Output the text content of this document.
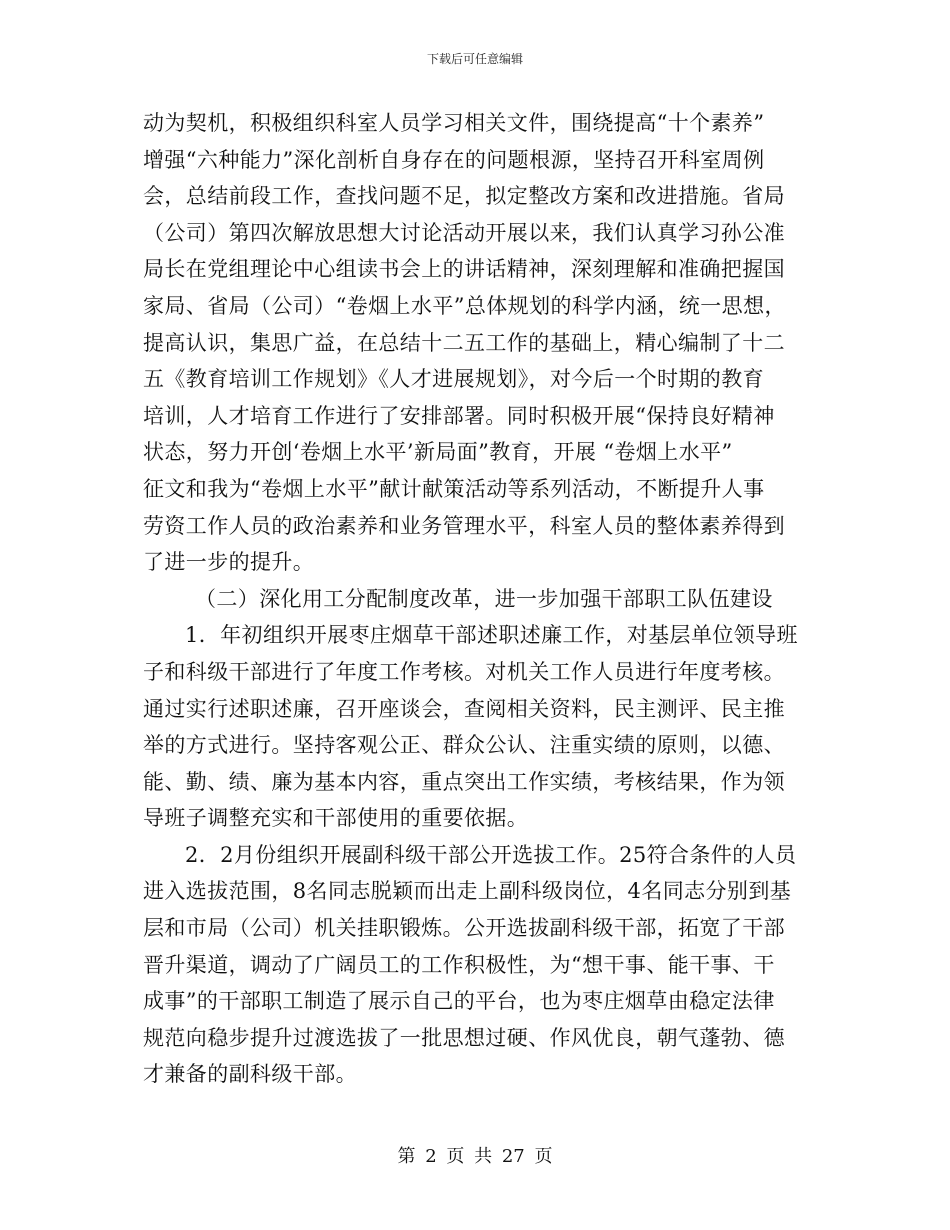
下载后可任意编辑
动为契机，积极组织科室人员学习相关文件，围绕提高“十个素养”
增强“六种能力”深化剖析自身存在的问题根源，坚持召开科室周例
会，总结前段工作，查找问题不足，拟定整改方案和改进措施。省局
（公司）第四次解放思想大讨论活动开展以来，我们认真学习孙公准
局长在党组理论中心组读书会上的讲话精神，深刻理解和准确把握国
家局、省局（公司）“卷烟上水平”总体规划的科学内涵，统一思想，
提高认识，集思广益，在总结十二五工作的基础上，精心编制了十二
五《教育培训工作规划》《人才进展规划》，对今后一个时期的教育
培训，人才培育工作进行了安排部署。同时积极开展“保持良好精神
状态，努力开创‘卷烟上水平’新局面”教育，开展 “卷烟上水平”
征文和我为“卷烟上水平”献计献策活动等系列活动，不断提升人事
劳资工作人员的政治素养和业务管理水平，科室人员的整体素养得到
了进一步的提升。
（二）深化用工分配制度改革，进一步加强干部职工队伍建设
1．年初组织开展枣庄烟草干部述职述廉工作，对基层单位领导班
子和科级干部进行了年度工作考核。对机关工作人员进行年度考核。
通过实行述职述廉，召开座谈会，查阅相关资料，民主测评、民主推
举的方式进行。坚持客观公正、群众公认、注重实绩的原则，以德、
能、勤、绩、廉为基本内容，重点突出工作实绩，考核结果，作为领
导班子调整充实和干部使用的重要依据。
2．2月份组织开展副科级干部公开选拔工作。25符合条件的人员
进入选拔范围，8名同志脱颖而出走上副科级岗位，4名同志分别到基
层和市局（公司）机关挂职锻炼。公开选拔副科级干部，拓宽了干部
晋升渠道，调动了广阔员工的工作积极性，为“想干事、能干事、干
成事”的干部职工制造了展示自己的平台，也为枣庄烟草由稳定法律
规范向稳步提升过渡选拔了一批思想过硬、作风优良，朝气蓬勃、德
才兼备的副科级干部。
第 2 页 共 27 页
